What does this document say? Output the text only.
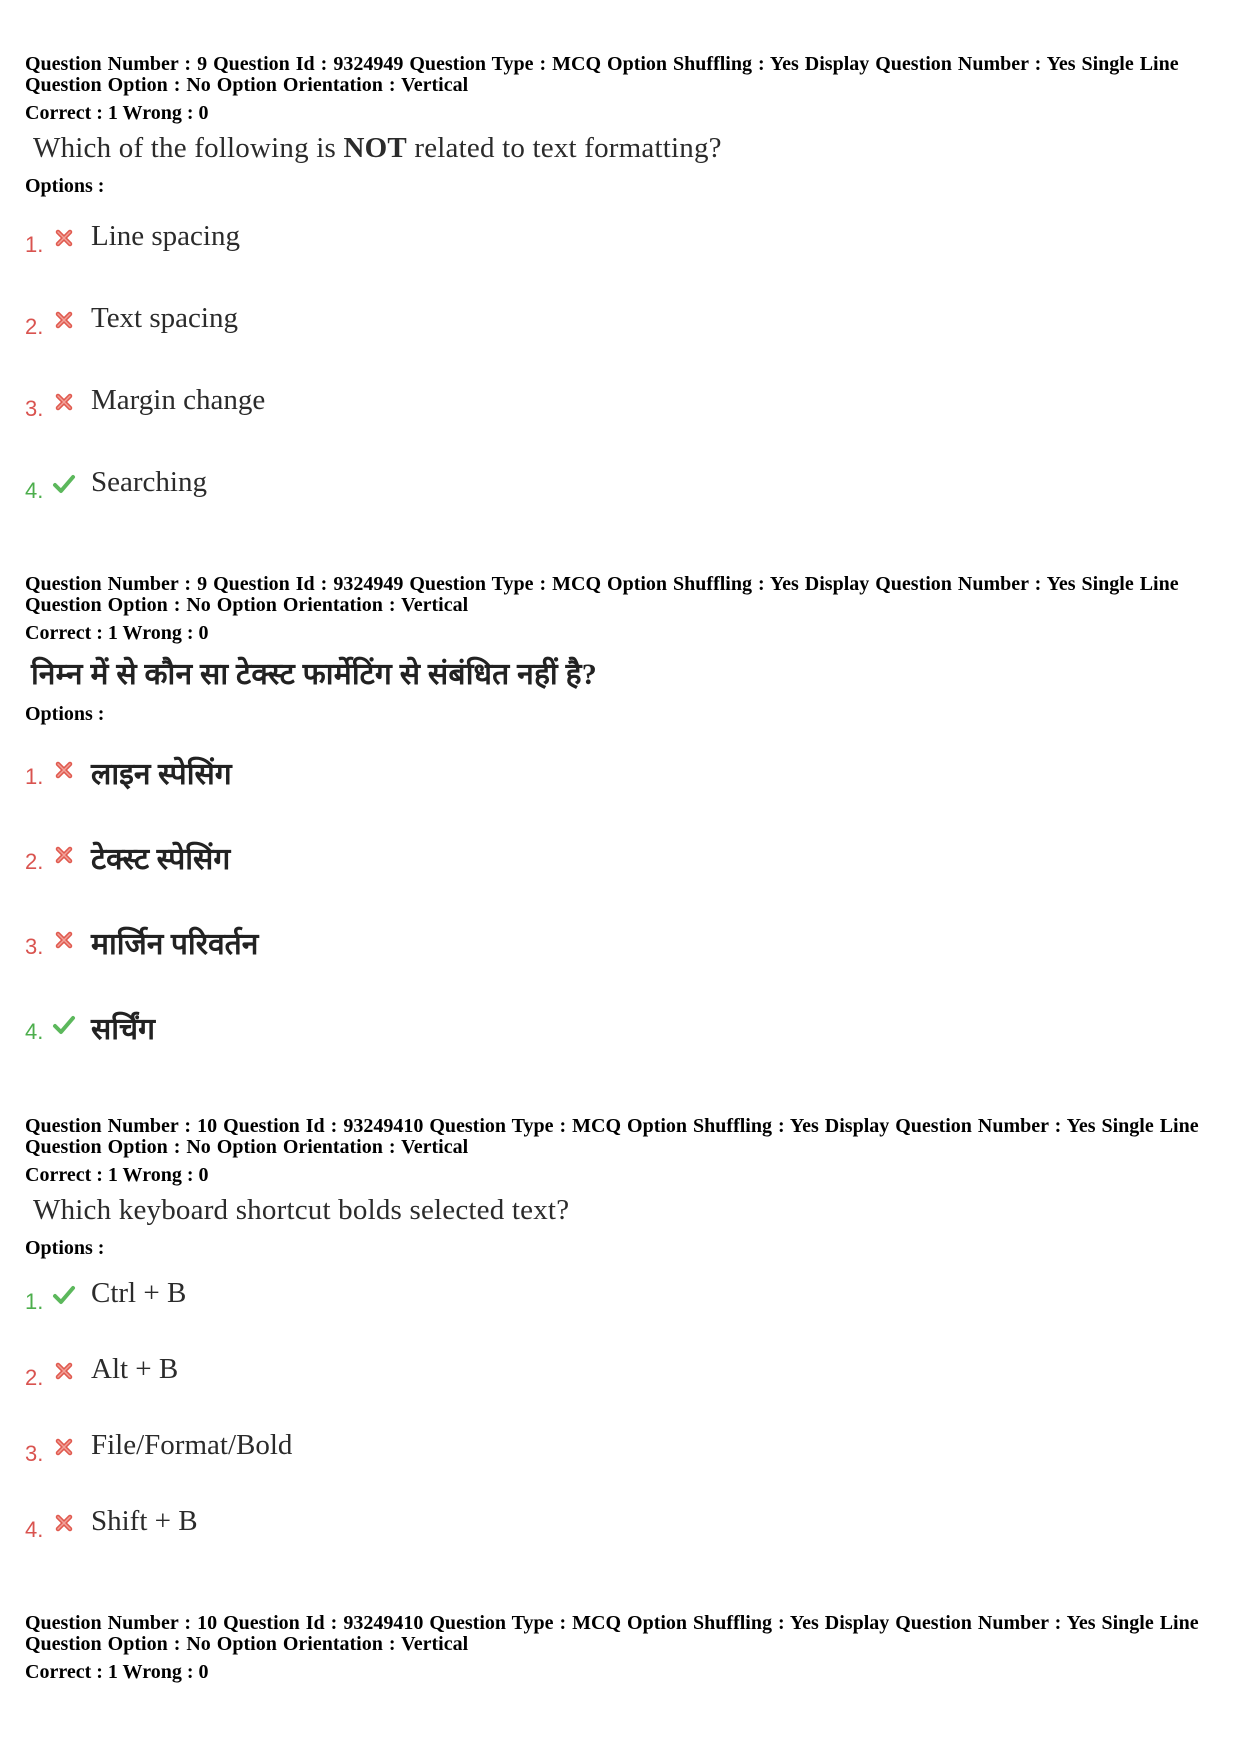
Question Number : 9 Question Id : 9324949 Question Type : MCQ Option Shuffling : Yes Display Question Number : Yes Single Line Question Option : No Option Orientation : Vertical
Correct : 1 Wrong : 0
Which of the following is NOT related to text formatting?
Options :
1. Line spacing
2. Text spacing
3. Margin change
4. Searching
Question Number : 9 Question Id : 9324949 Question Type : MCQ Option Shuffling : Yes Display Question Number : Yes Single Line Question Option : No Option Orientation : Vertical
Correct : 1 Wrong : 0
निम्न में से कौन सा टेक्स्ट फार्मेटिंग से संबंधित नहीं है?
Options :
1. लाइन स्पेसिंग
2. टेक्स्ट स्पेसिंग
3. मार्जिन परिवर्तन
4. सर्चिंग
Question Number : 10 Question Id : 93249410 Question Type : MCQ Option Shuffling : Yes Display Question Number : Yes Single Line Question Option : No Option Orientation : Vertical
Correct : 1 Wrong : 0
Which keyboard shortcut bolds selected text?
Options :
1. Ctrl + B
2. Alt + B
3. File/Format/Bold
4. Shift + B
Question Number : 10 Question Id : 93249410 Question Type : MCQ Option Shuffling : Yes Display Question Number : Yes Single Line Question Option : No Option Orientation : Vertical
Correct : 1 Wrong : 0
